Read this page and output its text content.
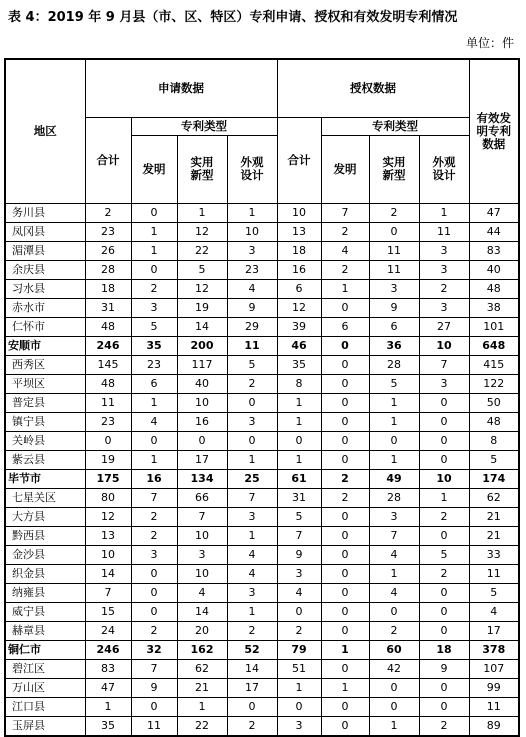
表 4：2019 年 9 月县（市、区、特区）专利申请、授权和有效发明专利情况
单位：件
地区	申请数据				授权数据				有效发明专利数据
	合计	专利类型			合计	专利类型			
		发明	实用新型	外观设计		发明	实用新型	外观设计	
务川县	2	0	1	1	10	7	2	1	47
凤冈县	23	1	12	10	13	2	0	11	44
湄潭县	26	1	22	3	18	4	11	3	83
余庆县	28	0	5	23	16	2	11	3	40
习水县	18	2	12	4	6	1	3	2	48
赤水市	31	3	19	9	12	0	9	3	38
仁怀市	48	5	14	29	39	6	6	27	101
安顺市	246	35	200	11	46	0	36	10	648
西秀区	145	23	117	5	35	0	28	7	415
平坝区	48	6	40	2	8	0	5	3	122
普定县	11	1	10	0	1	0	1	0	50
镇宁县	23	4	16	3	1	0	1	0	48
关岭县	0	0	0	0	0	0	0	0	8
紫云县	19	1	17	1	1	0	1	0	5
毕节市	175	16	134	25	61	2	49	10	174
七星关区	80	7	66	7	31	2	28	1	62
大方县	12	2	7	3	5	0	3	2	21
黔西县	13	2	10	1	7	0	7	0	21
金沙县	10	3	3	4	9	0	4	5	33
织金县	14	0	10	4	3	0	1	2	11
纳雍县	7	0	4	3	4	0	4	0	5
威宁县	15	0	14	1	0	0	0	0	4
赫章县	24	2	20	2	2	0	2	0	17
铜仁市	246	32	162	52	79	1	60	18	378
碧江区	83	7	62	14	51	0	42	9	107
万山区	47	9	21	17	1	1	0	0	99
江口县	1	0	1	0	0	0	0	0	11
玉屏县	35	11	22	2	3	0	1	2	89
